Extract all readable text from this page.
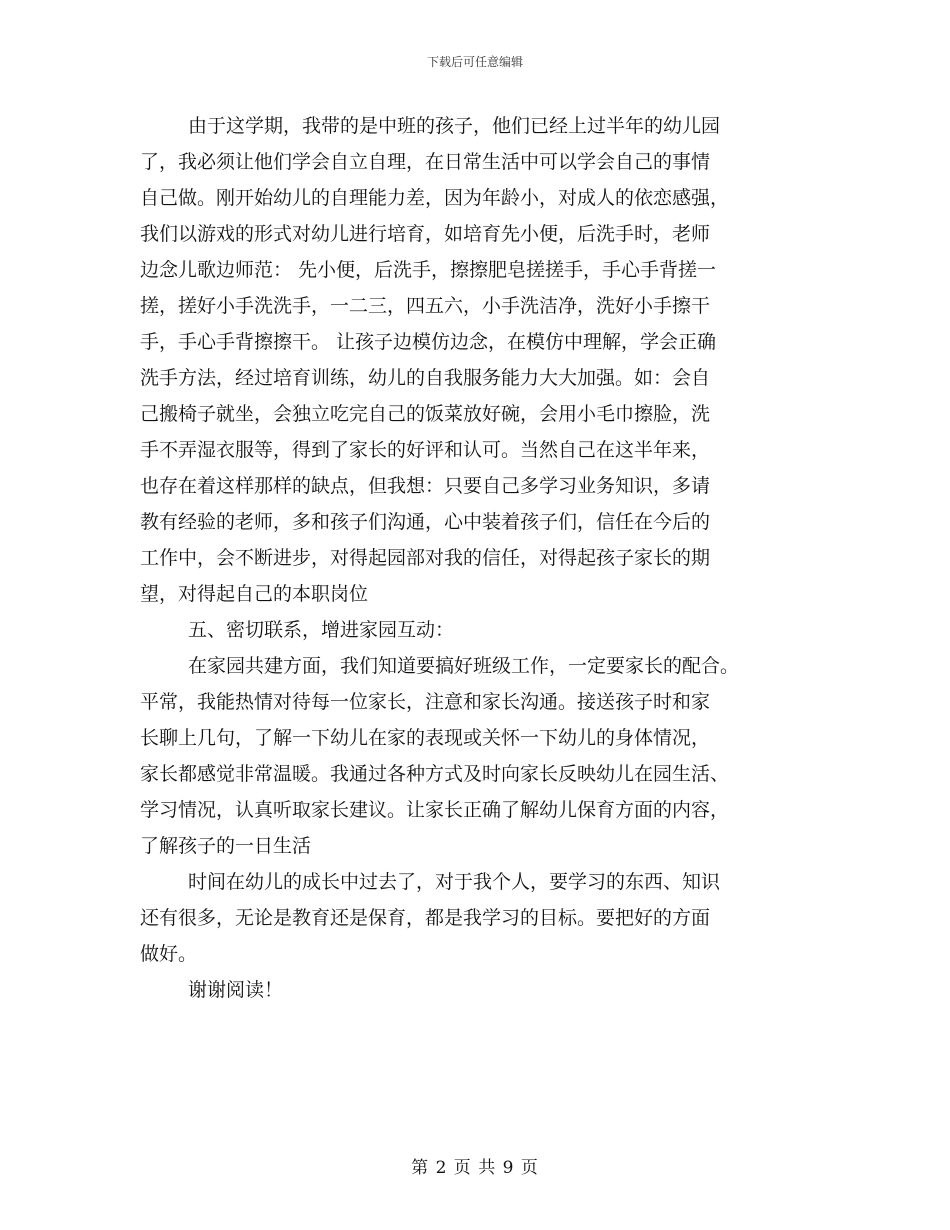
下载后可任意编辑
由于这学期，我带的是中班的孩子，他们已经上过半年的幼儿园
了，我必须让他们学会自立自理，在日常生活中可以学会自己的事情
自己做。刚开始幼儿的自理能力差，因为年龄小，对成人的依恋感强，
我们以游戏的形式对幼儿进行培育，如培育先小便，后洗手时，老师
边念儿歌边师范： 先小便，后洗手，擦擦肥皂搓搓手，手心手背搓一
搓，搓好小手洗洗手，一二三，四五六，小手洗洁净，洗好小手擦干
手，手心手背擦擦干。 让孩子边模仿边念，在模仿中理解，学会正确
洗手方法，经过培育训练，幼儿的自我服务能力大大加强。如：会自
己搬椅子就坐，会独立吃完自己的饭菜放好碗，会用小毛巾擦脸，洗
手不弄湿衣服等，得到了家长的好评和认可。当然自己在这半年来，
也存在着这样那样的缺点，但我想：只要自己多学习业务知识，多请
教有经验的老师，多和孩子们沟通，心中装着孩子们，信任在今后的
工作中，会不断进步，对得起园部对我的信任，对得起孩子家长的期
望，对得起自己的本职岗位
五、密切联系，增进家园互动：
在家园共建方面，我们知道要搞好班级工作，一定要家长的配合。
平常，我能热情对待每一位家长，注意和家长沟通。接送孩子时和家
长聊上几句，了解一下幼儿在家的表现或关怀一下幼儿的身体情况，
家长都感觉非常温暖。我通过各种方式及时向家长反映幼儿在园生活、
学习情况，认真听取家长建议。让家长正确了解幼儿保育方面的内容，
了解孩子的一日生活
时间在幼儿的成长中过去了，对于我个人，要学习的东西、知识
还有很多，无论是教育还是保育，都是我学习的目标。要把好的方面
做好。
谢谢阅读！
第 2 页 共 9 页
